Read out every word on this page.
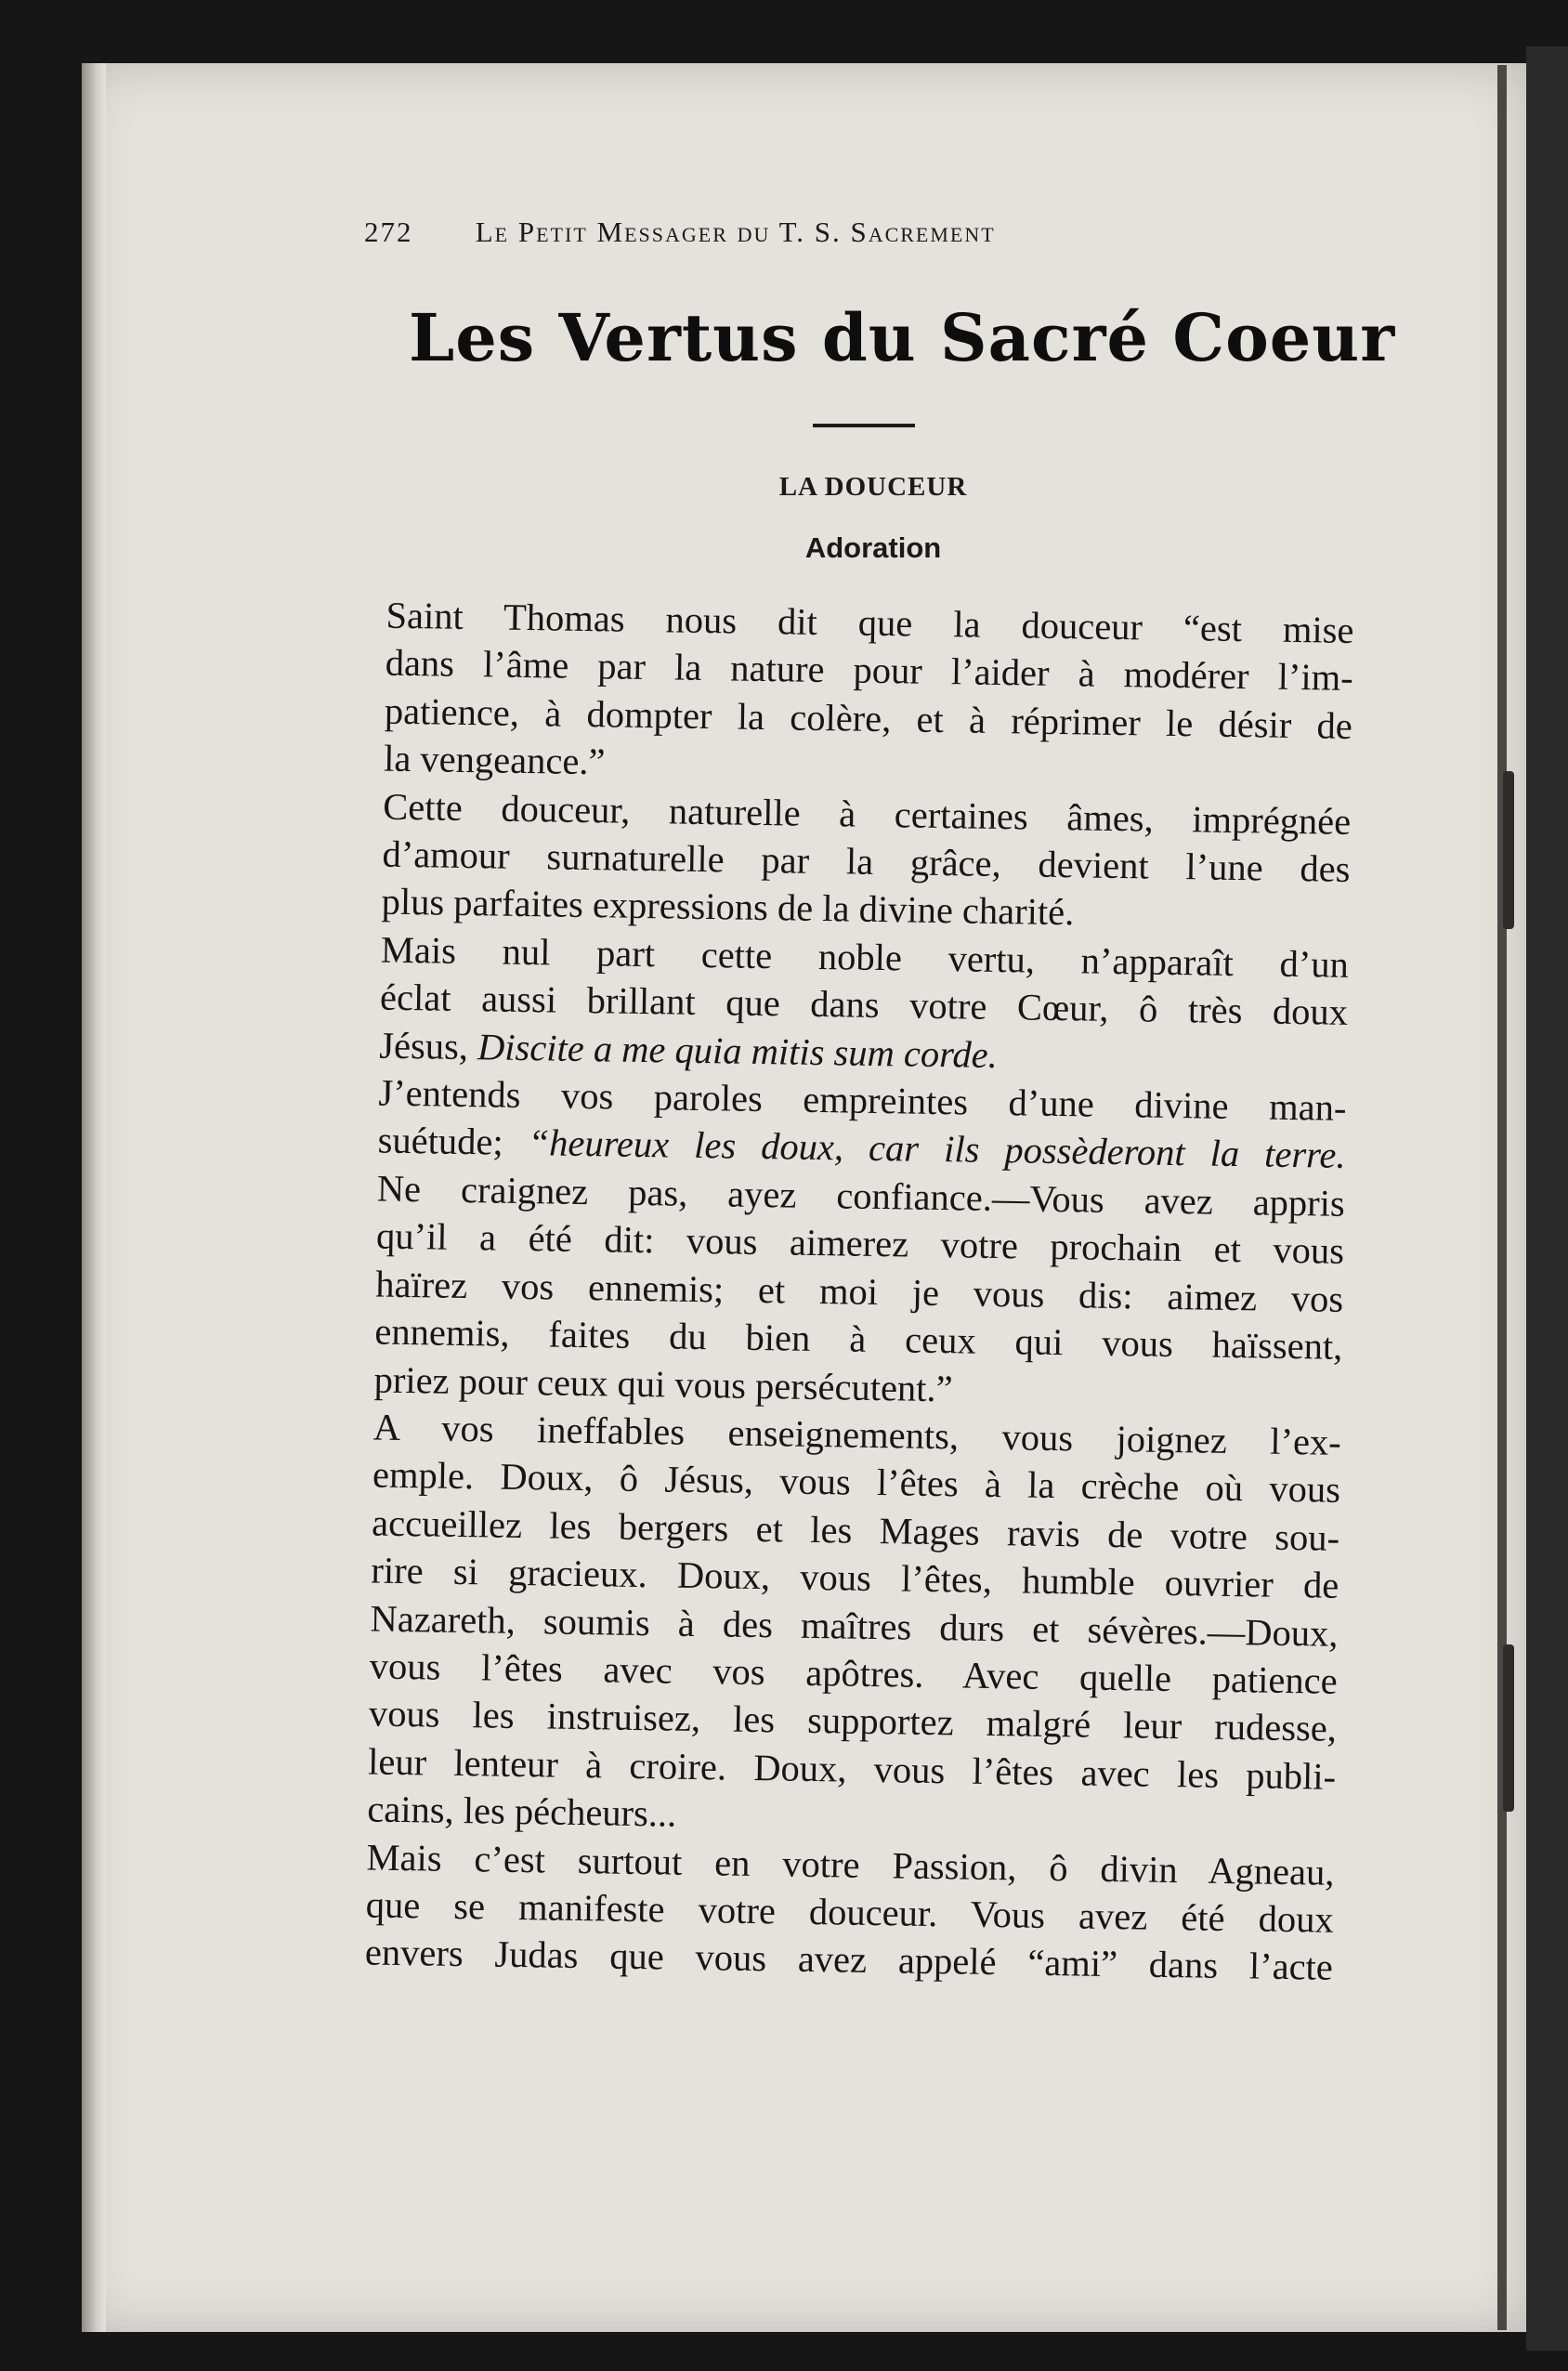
272 Le Petit Messager du T. S. Sacrement
Les Vertus du Sacré Coeur
LA DOUCEUR
Adoration

Saint Thomas nous dit que la douceur “est mise
dans l’âme par la nature pour l’aider à modérer l’im-
patience, à dompter la colère, et à réprimer le désir de
la vengeance.”

Cette douceur, naturelle à certaines âmes, imprégnée
d’amour surnaturelle par la grâce, devient l’une des
plus parfaites expressions de la divine charité.

Mais nul part cette noble vertu, n’apparaît d’un
éclat aussi brillant que dans votre Cœur, ô très doux
Jésus, Discite a me quia mitis sum corde.

J’entends vos paroles empreintes d’une divine man-
suétude; “heureux les doux, car ils possèderont la terre.
Ne craignez pas, ayez confiance.—Vous avez appris
qu’il a été dit: vous aimerez votre prochain et vous
haïrez vos ennemis; et moi je vous dis: aimez vos
ennemis, faites du bien à ceux qui vous haïssent,
priez pour ceux qui vous persécutent.”

A vos ineffables enseignements, vous joignez l’ex-
emple. Doux, ô Jésus, vous l’êtes à la crèche où vous
accueillez les bergers et les Mages ravis de votre sou-
rire si gracieux. Doux, vous l’êtes, humble ouvrier de
Nazareth, soumis à des maîtres durs et sévères.—Doux,
vous l’êtes avec vos apôtres. Avec quelle patience
vous les instruisez, les supportez malgré leur rudesse,
leur lenteur à croire. Doux, vous l’êtes avec les publi-
cains, les pécheurs...

Mais c’est surtout en votre Passion, ô divin Agneau,
que se manifeste votre douceur. Vous avez été doux
envers Judas que vous avez appelé “ami” dans l’acte
